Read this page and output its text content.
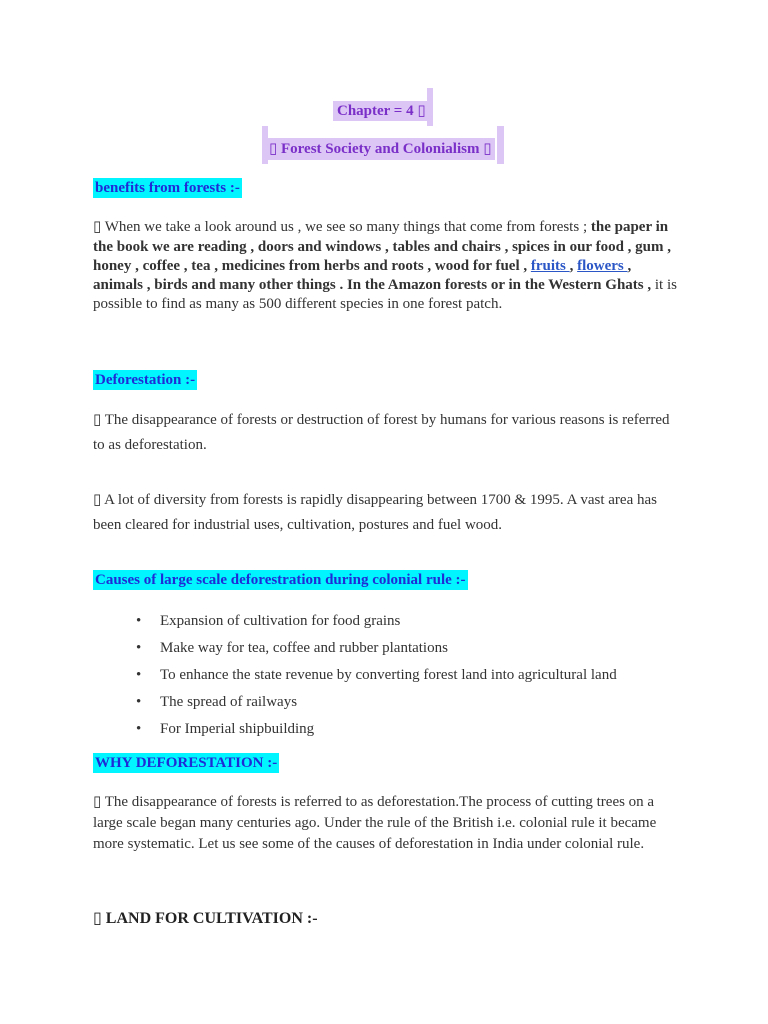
Chapter = 4 ▯
▯ Forest Society and Colonialism ▯
benefits from forests :-
▯ When we take a look around us , we see so many things that come from forests ; the paper in the book we are reading , doors and windows , tables and chairs , spices in our food , gum , honey , coffee , tea , medicines from herbs and roots , wood for fuel , fruits , flowers , animals , birds and many other things . In the Amazon forests or in the Western Ghats , it is possible to find as many as 500 different species in one forest patch.
Deforestation :-
▯ The disappearance of forests or destruction of forest by humans for various reasons is referred to as deforestation.
▯ A lot of diversity from forests is rapidly disappearing between 1700 & 1995. A vast area has been cleared for industrial uses, cultivation, postures and fuel wood.
Causes of large scale deforestration during colonial rule :-
• Expansion of cultivation for food grains
• Make way for tea, coffee and rubber plantations
• To enhance the state revenue by converting forest land into agricultural land
• The spread of railways
• For Imperial shipbuilding
WHY DEFORESTATION :-
▯ The disappearance of forests is referred to as deforestation.The process of cutting trees on a large scale began many centuries ago. Under the rule of the British i.e. colonial rule it became more systematic. Let us see some of the causes of deforestation in India under colonial rule.
▯ LAND FOR CULTIVATION :-
